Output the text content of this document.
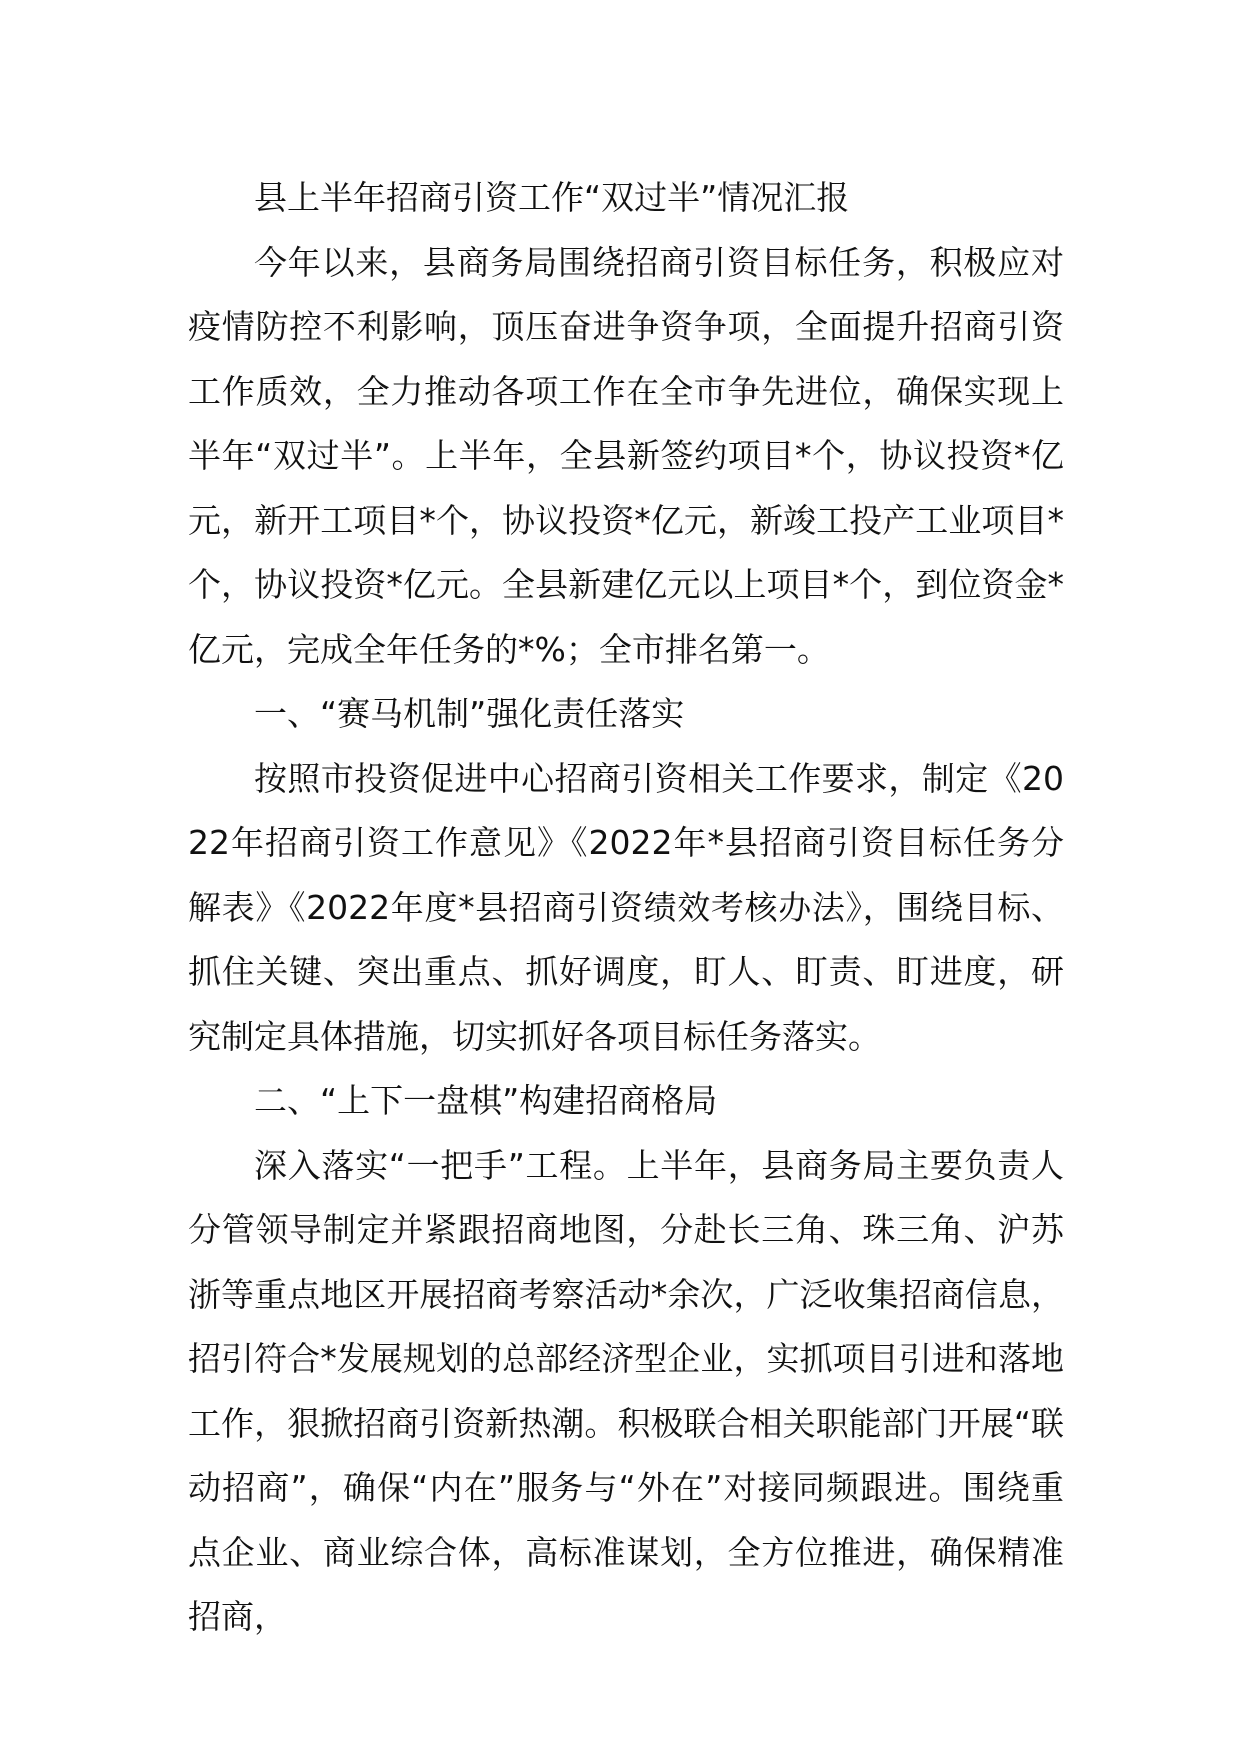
县上半年招商引资工作“双过半”情况汇报

今年以来，县商务局围绕招商引资目标任务，积极应对疫情防控不利影响，顶压奋进争资争项，全面提升招商引资工作质效，全力推动各项工作在全市争先进位，确保实现上半年“双过半”。上半年，全县新签约项目*个，协议投资*亿元，新开工项目*个，协议投资*亿元，新竣工投产工业项目*个，协议投资*亿元。全县新建亿元以上项目*个，到位资金*亿元，完成全年任务的*%；全市排名第一。

一、“赛马机制”强化责任落实

按照市投资促进中心招商引资相关工作要求，制定《2022年招商引资工作意见》《2022年*县招商引资目标任务分解表》《2022年度*县招商引资绩效考核办法》，围绕目标、抓住关键、突出重点、抓好调度，盯人、盯责、盯进度，研究制定具体措施，切实抓好各项目标任务落实。

二、“上下一盘棋”构建招商格局

深入落实“一把手”工程。上半年，县商务局主要负责人分管领导制定并紧跟招商地图，分赴长三角、珠三角、沪苏浙等重点地区开展招商考察活动*余次，广泛收集招商信息，招引符合*发展规划的总部经济型企业，实抓项目引进和落地工作，狠掀招商引资新热潮。积极联合相关职能部门开展“联动招商”，确保“内在”服务与“外在”对接同频跟进。围绕重点企业、商业综合体，高标准谋划，全方位推进，确保精准招商，
